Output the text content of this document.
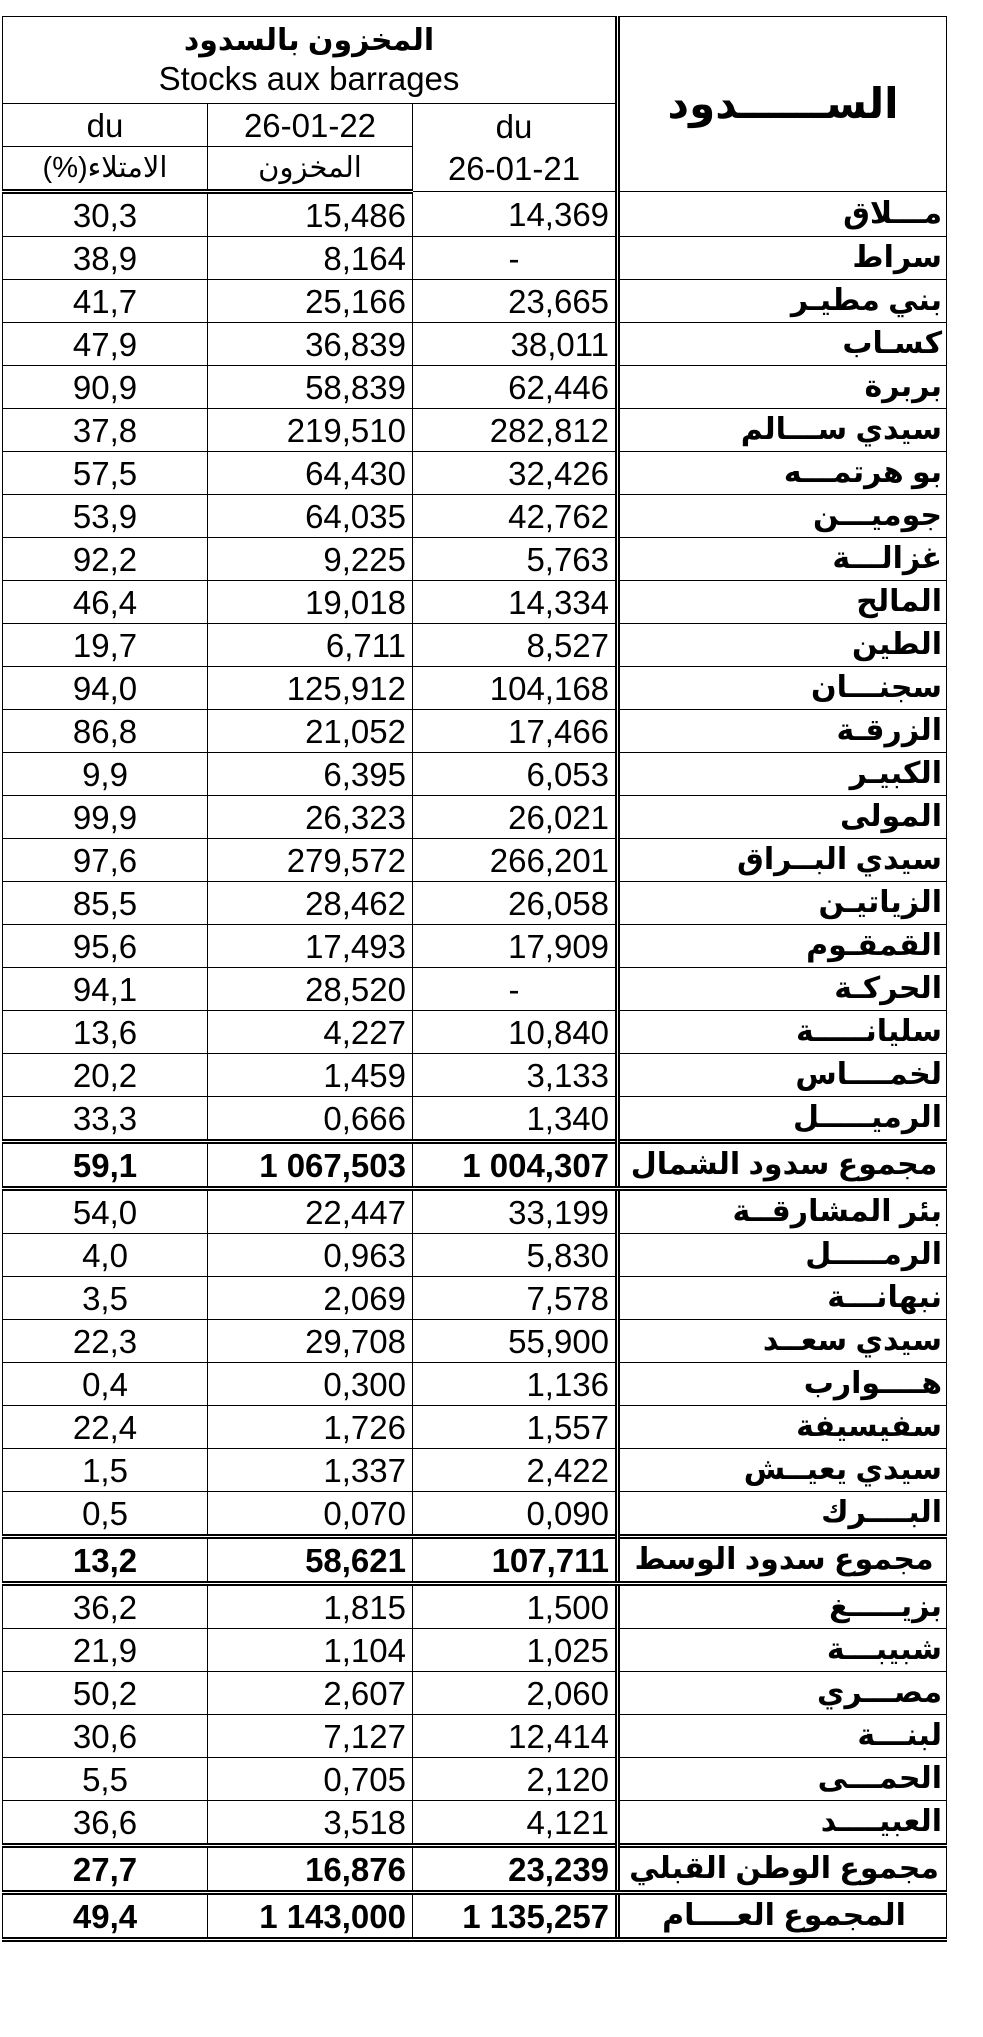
المخزون بالسدود
Stocks aux barrages			الســــــدود
du	26-01-22	du
26-01-21	

الامتلاء(%)	المخزون		
30,3	15,486	14,369	مـــلاق
38,9	8,164	-	سراط
41,7	25,166	23,665	بني مطيـر
47,9	36,839	38,011	كسـاب
90,9	58,839	62,446	بربرة
37,8	219,510	282,812	سيدي ســـالم
57,5	64,430	32,426	بو هرتمـــه
53,9	64,035	42,762	جوميـــن
92,2	9,225	5,763	غزالـــة
46,4	19,018	14,334	المالح
19,7	6,711	8,527	الطين
94,0	125,912	104,168	سجنـــان
86,8	21,052	17,466	الزرقـة
9,9	6,395	6,053	الكبيـر
99,9	26,323	26,021	المولى
97,6	279,572	266,201	سيدي البــراق
85,5	28,462	26,058	الزياتيـن
95,6	17,493	17,909	القمقـوم
94,1	28,520	-	الحركـة
13,6	4,227	10,840	سليانـــــة
20,2	1,459	3,133	لخمــــاس
33,3	0,666	1,340	الرميـــــل
59,1	1 067,503	1 004,307	مجموع سدود الشمال
54,0	22,447	33,199	بئر المشارقــة
4,0	0,963	5,830	الرمـــــل
3,5	2,069	7,578	نبهانـــة
22,3	29,708	55,900	سيدي سعــد
0,4	0,300	1,136	هــــوارب
22,4	1,726	1,557	سفيسيفة
1,5	1,337	2,422	سيدي يعيــش
0,5	0,070	0,090	البــــرك
13,2	58,621	107,711	مجموع سدود الوسط
36,2	1,815	1,500	بزيـــــغ
21,9	1,104	1,025	شبيبـــة
50,2	2,607	2,060	مصـــري
30,6	7,127	12,414	لبنـــة
5,5	0,705	2,120	الحمـــى
36,6	3,518	4,121	العبيــــد
27,7	16,876	23,239	مجموع الوطن القبلي
49,4	1 143,000	1 135,257	المجموع العــــام
